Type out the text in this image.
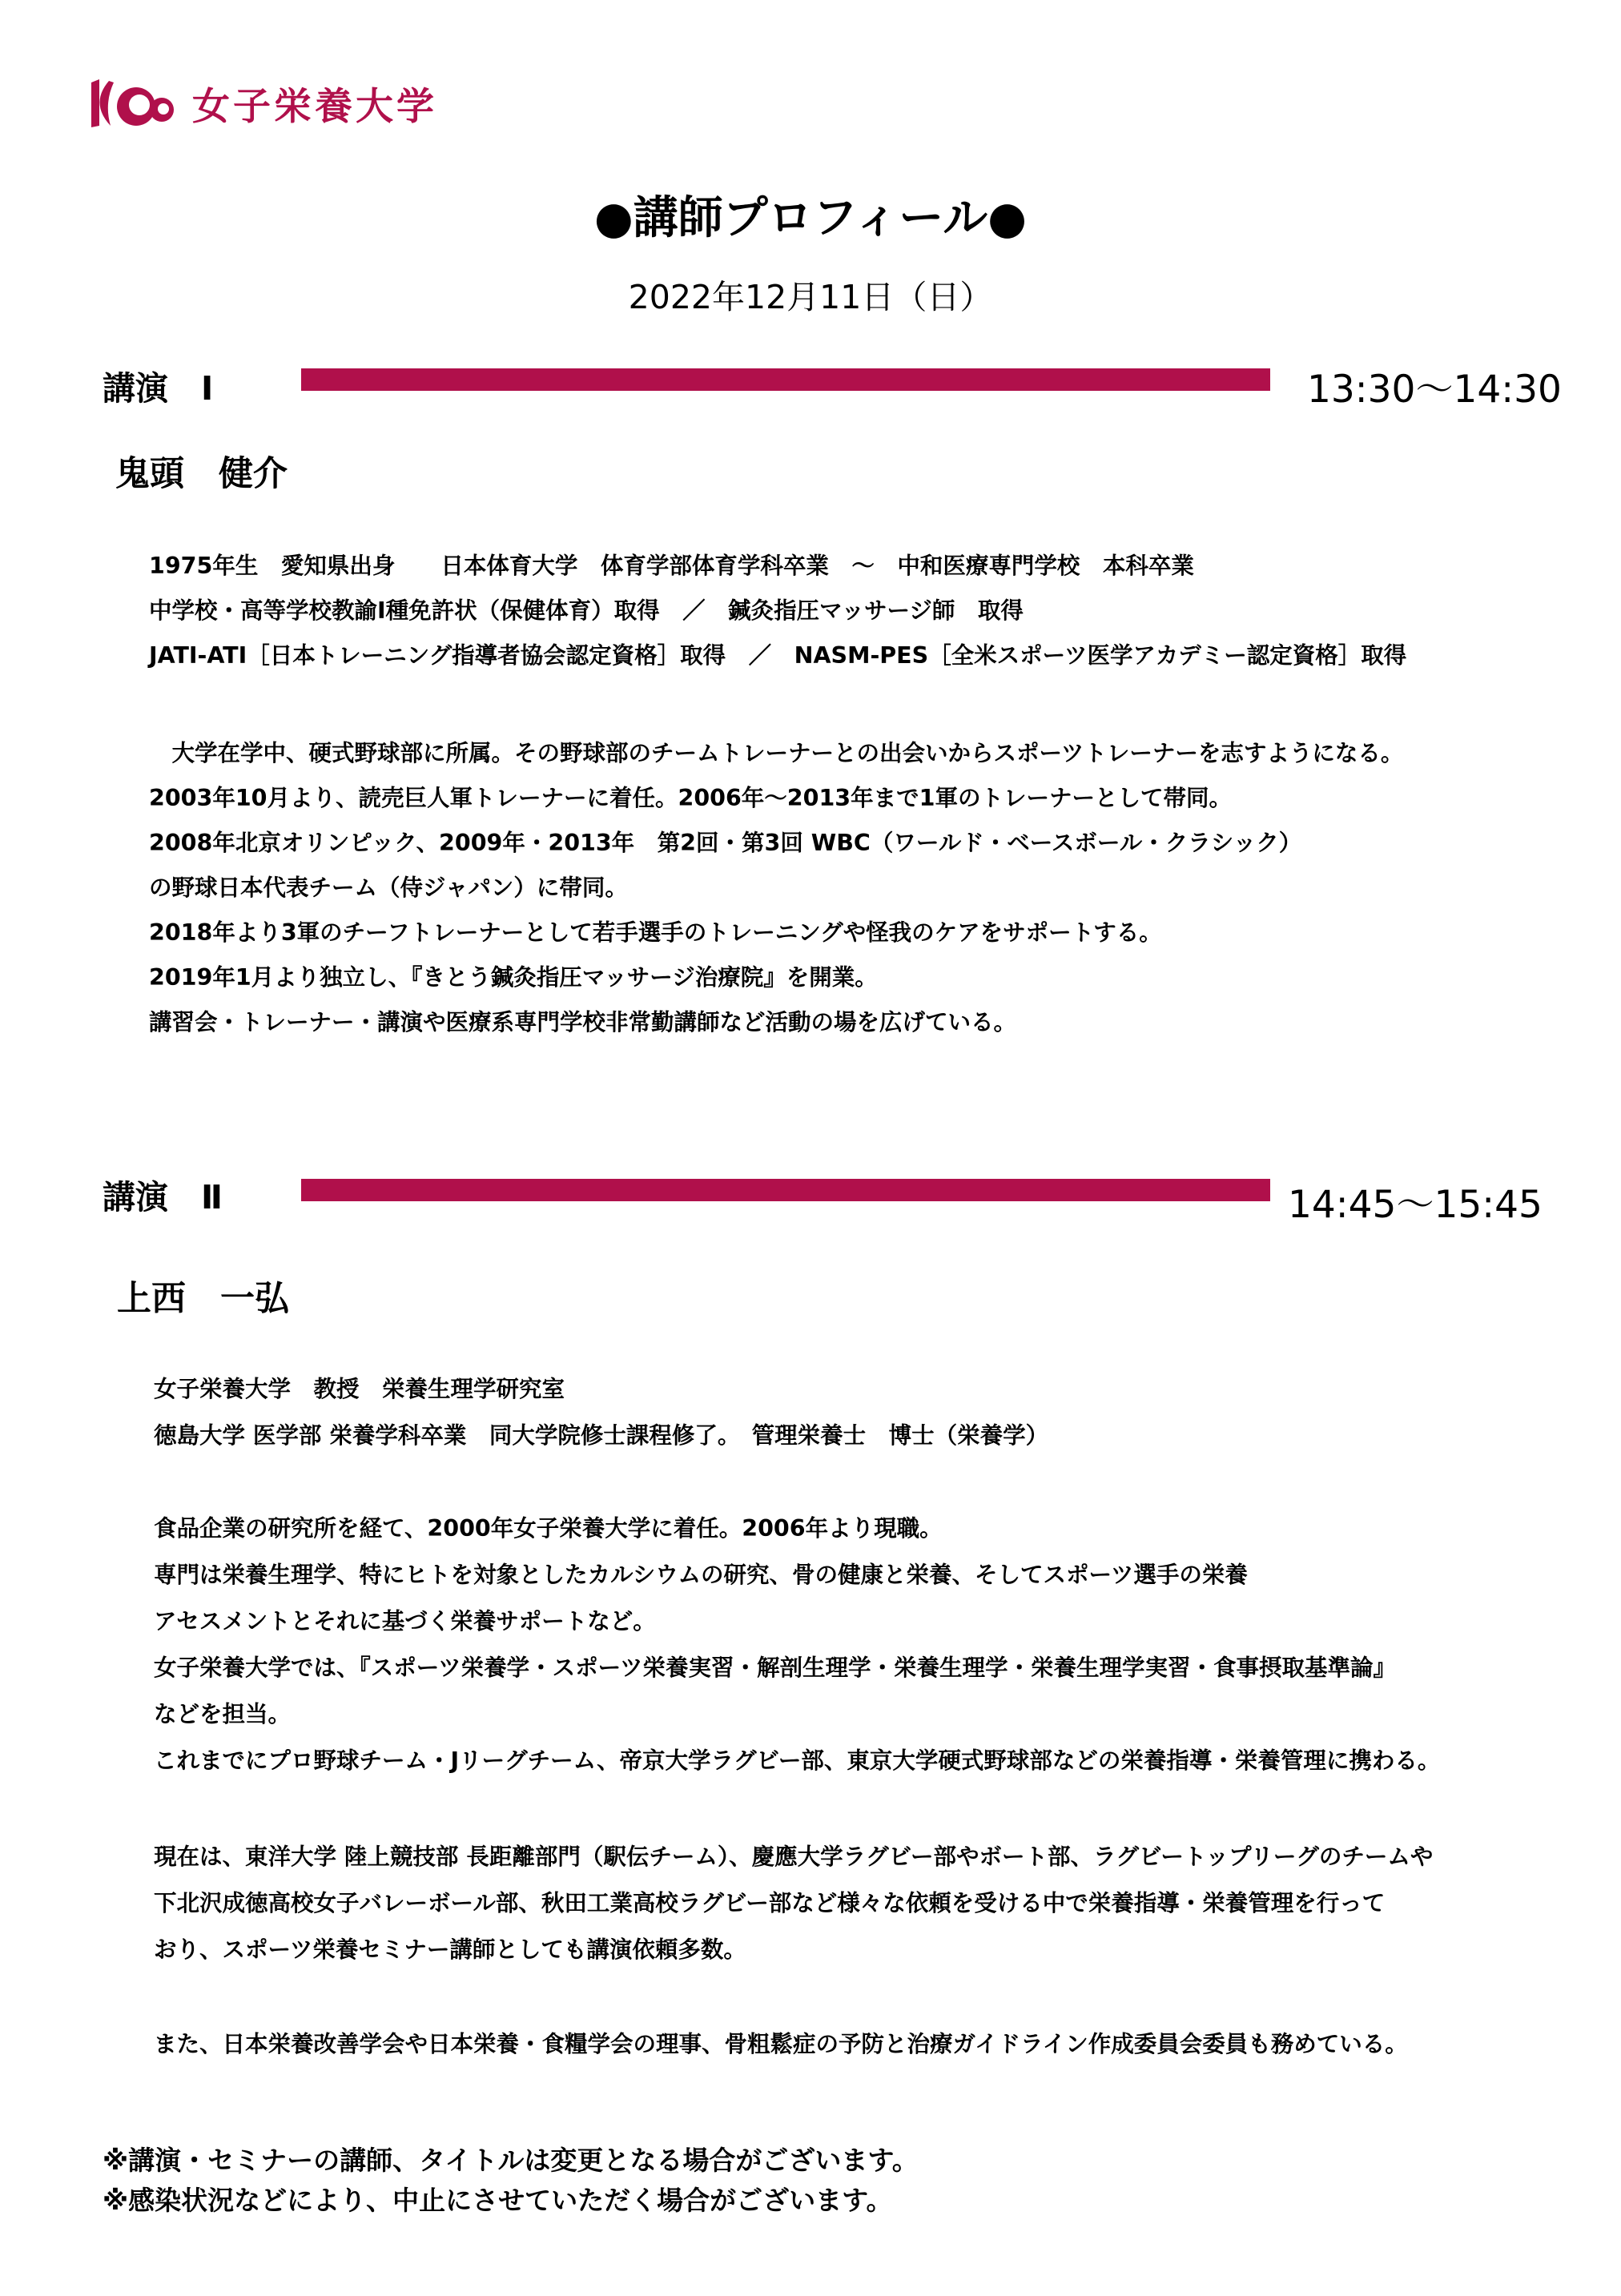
女子栄養大学
●講師プロフィール●
2022年12月11日（日）
講演　Ⅰ	13:30～14:30
鬼頭　健介
1975年生　愛知県出身　　日本体育大学　体育学部体育学科卒業　～　中和医療専門学校　本科卒業
中学校・高等学校教諭Ⅰ種免許状（保健体育）取得　／　鍼灸指圧マッサージ師　取得
JATI-ATI［日本トレーニング指導者協会認定資格］取得　／　NASM-PES［全米スポーツ医学アカデミー認定資格］取得
　大学在学中、硬式野球部に所属。その野球部のチームトレーナーとの出会いからスポーツトレーナーを志すようになる。
2003年10月より、読売巨人軍トレーナーに着任。2006年～2013年まで1軍のトレーナーとして帯同。
2008年北京オリンピック、2009年・2013年　第2回・第3回 WBC（ワールド・ベースボール・クラシック）
の野球日本代表チーム（侍ジャパン）に帯同。
2018年より3軍のチーフトレーナーとして若手選手のトレーニングや怪我のケアをサポートする。
2019年1月より独立し、『きとう鍼灸指圧マッサージ治療院』を開業。
講習会・トレーナー・講演や医療系専門学校非常勤講師など活動の場を広げている。
講演　Ⅱ	14:45～15:45
上西　一弘
女子栄養大学　教授　栄養生理学研究室
徳島大学 医学部 栄養学科卒業　同大学院修士課程修了。　管理栄養士　博士（栄養学）
食品企業の研究所を経て、2000年女子栄養大学に着任。2006年より現職。
専門は栄養生理学、特にヒトを対象としたカルシウムの研究、骨の健康と栄養、そしてスポーツ選手の栄養
アセスメントとそれに基づく栄養サポートなど。
女子栄養大学では、『スポーツ栄養学・スポーツ栄養実習・解剖生理学・栄養生理学・栄養生理学実習・食事摂取基準論』
などを担当。
これまでにプロ野球チーム・Jリーグチーム、帝京大学ラグビー部、東京大学硬式野球部などの栄養指導・栄養管理に携わる。
現在は、東洋大学 陸上競技部 長距離部門（駅伝チーム）、慶應大学ラグビー部やボート部、ラグビートップリーグのチームや
下北沢成徳高校女子バレーボール部、秋田工業高校ラグビー部など様々な依頼を受ける中で栄養指導・栄養管理を行って
おり、スポーツ栄養セミナー講師としても講演依頼多数。
また、日本栄養改善学会や日本栄養・食糧学会の理事、骨粗鬆症の予防と治療ガイドライン作成委員会委員も務めている。
※講演・セミナーの講師、タイトルは変更となる場合がございます。
※感染状況などにより、中止にさせていただく場合がございます。
